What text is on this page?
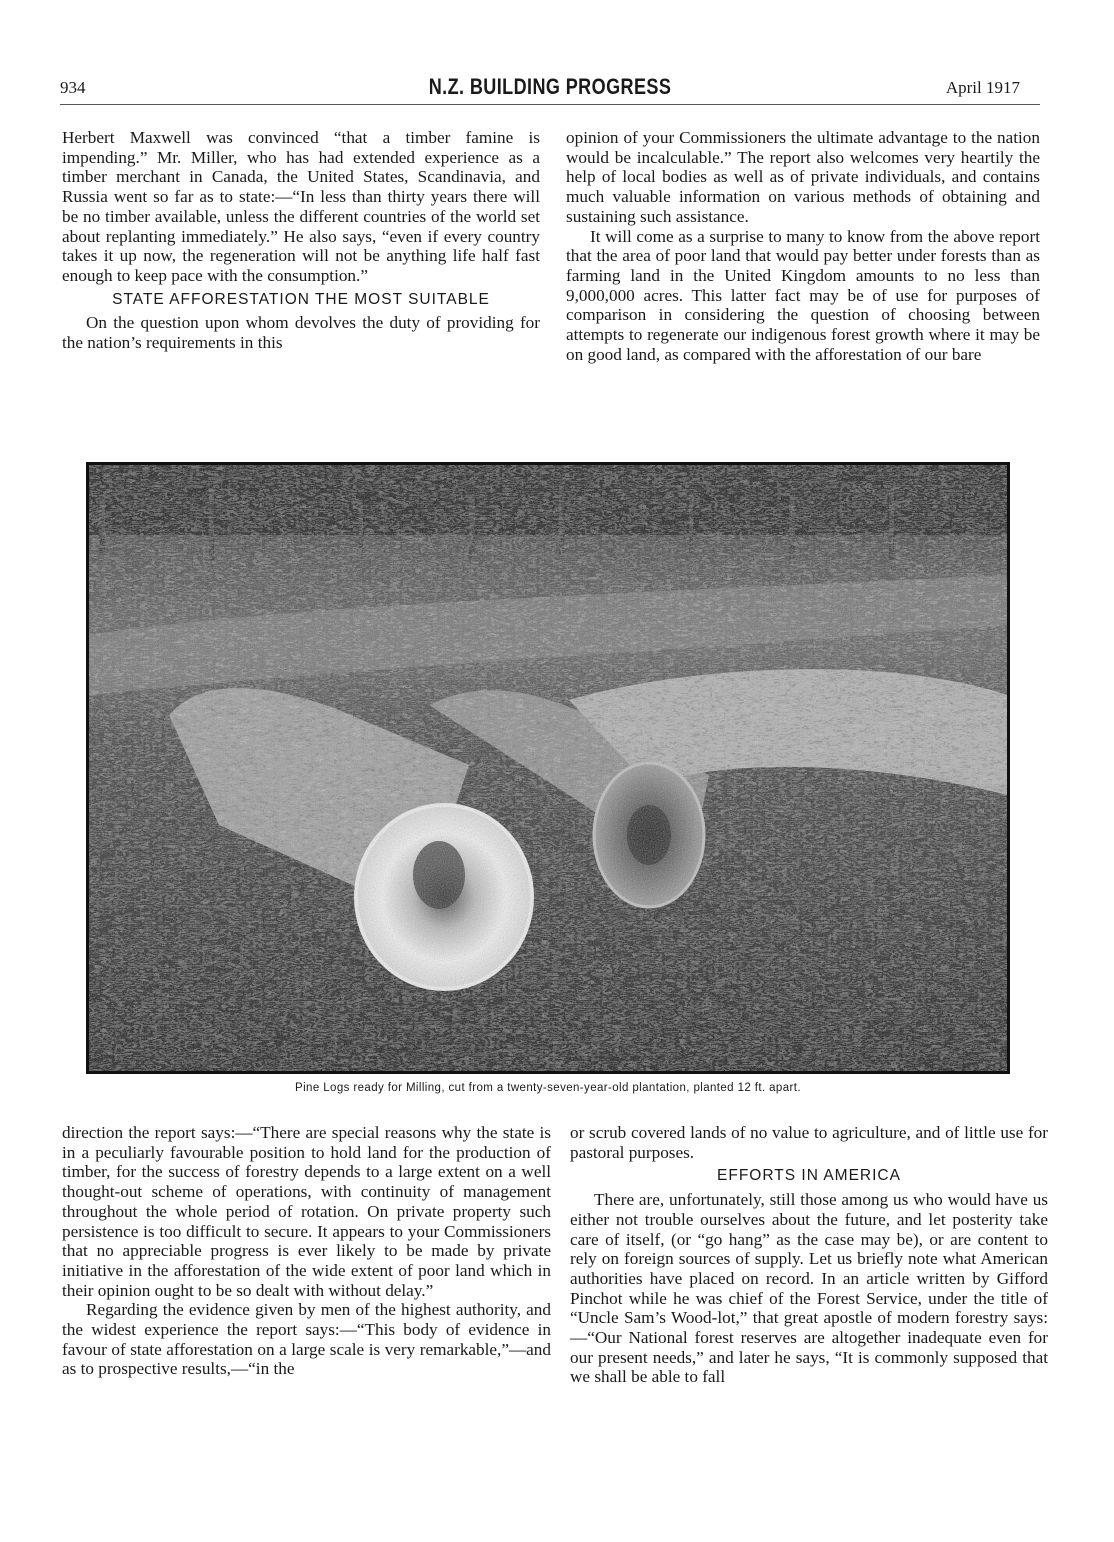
934	N.Z. BUILDING PROGRESS	April 1917

Herbert Maxwell was convinced “that a timber famine is impending.” Mr. Miller, who has had extended experience as a timber merchant in Canada, the United States, Scandinavia, and Russia went so far as to state:—“In less than thirty years there will be no timber available, unless the different countries of the world set about replanting immediately.” He also says, “even if every country takes it up now, the regeneration will not be anything life half fast enough to keep pace with the consumption.”

STATE AFFORESTATION THE MOST SUITABLE

On the question upon whom devolves the duty of providing for the nation’s requirements in this

opinion of your Commissioners the ultimate advantage to the nation would be incalculable.” The report also welcomes very heartily the help of local bodies as well as of private individuals, and contains much valuable information on various methods of obtaining and sustaining such assistance.

It will come as a surprise to many to know from the above report that the area of poor land that would pay better under forests than as farming land in the United Kingdom amounts to no less than 9,000,000 acres. This latter fact may be of use for purposes of comparison in considering the question of choosing between attempts to regenerate our indigenous forest growth where it may be on good land, as compared with the afforestation of our bare

Pine Logs ready for Milling, cut from a twenty-seven-year-old plantation, planted 12 ft. apart.

direction the report says:—“There are special reasons why the state is in a peculiarly favourable position to hold land for the production of timber, for the success of forestry depends to a large extent on a well thought-out scheme of operations, with continuity of management throughout the whole period of rotation. On private property such persistence is too difficult to secure. It appears to your Commissioners that no appreciable progress is ever likely to be made by private initiative in the afforestation of the wide extent of poor land which in their opinion ought to be so dealt with without delay.”

Regarding the evidence given by men of the highest authority, and the widest experience the report says:—“This body of evidence in favour of state afforestation on a large scale is very remarkable,”—and as to prospective results,—“in the

or scrub covered lands of no value to agriculture, and of little use for pastoral purposes.

EFFORTS IN AMERICA

There are, unfortunately, still those among us who would have us either not trouble ourselves about the future, and let posterity take care of itself, (or “go hang” as the case may be), or are content to rely on foreign sources of supply. Let us briefly note what American authorities have placed on record. In an article written by Gifford Pinchot while he was chief of the Forest Service, under the title of “Uncle Sam’s Wood-lot,” that great apostle of modern forestry says:—“Our National forest reserves are altogether inadequate even for our present needs,” and later he says, “It is commonly supposed that we shall be able to fall
